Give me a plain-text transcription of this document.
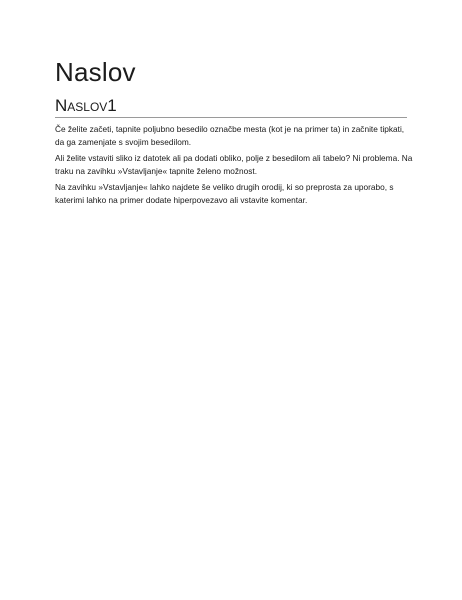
Naslov
Naslov1

Če želite začeti, tapnite poljubno besedilo označbe mesta (kot je na primer ta) in začnite tipkati, da ga zamenjate s svojim besedilom.

Ali želite vstaviti sliko iz datotek ali pa dodati obliko, polje z besedilom ali tabelo? Ni problema. Na traku na zavihku »Vstavljanje« tapnite želeno možnost.

Na zavihku »Vstavljanje« lahko najdete še veliko drugih orodij, ki so preprosta za uporabo, s katerimi lahko na primer dodate hiperpovezavo ali vstavite komentar.
